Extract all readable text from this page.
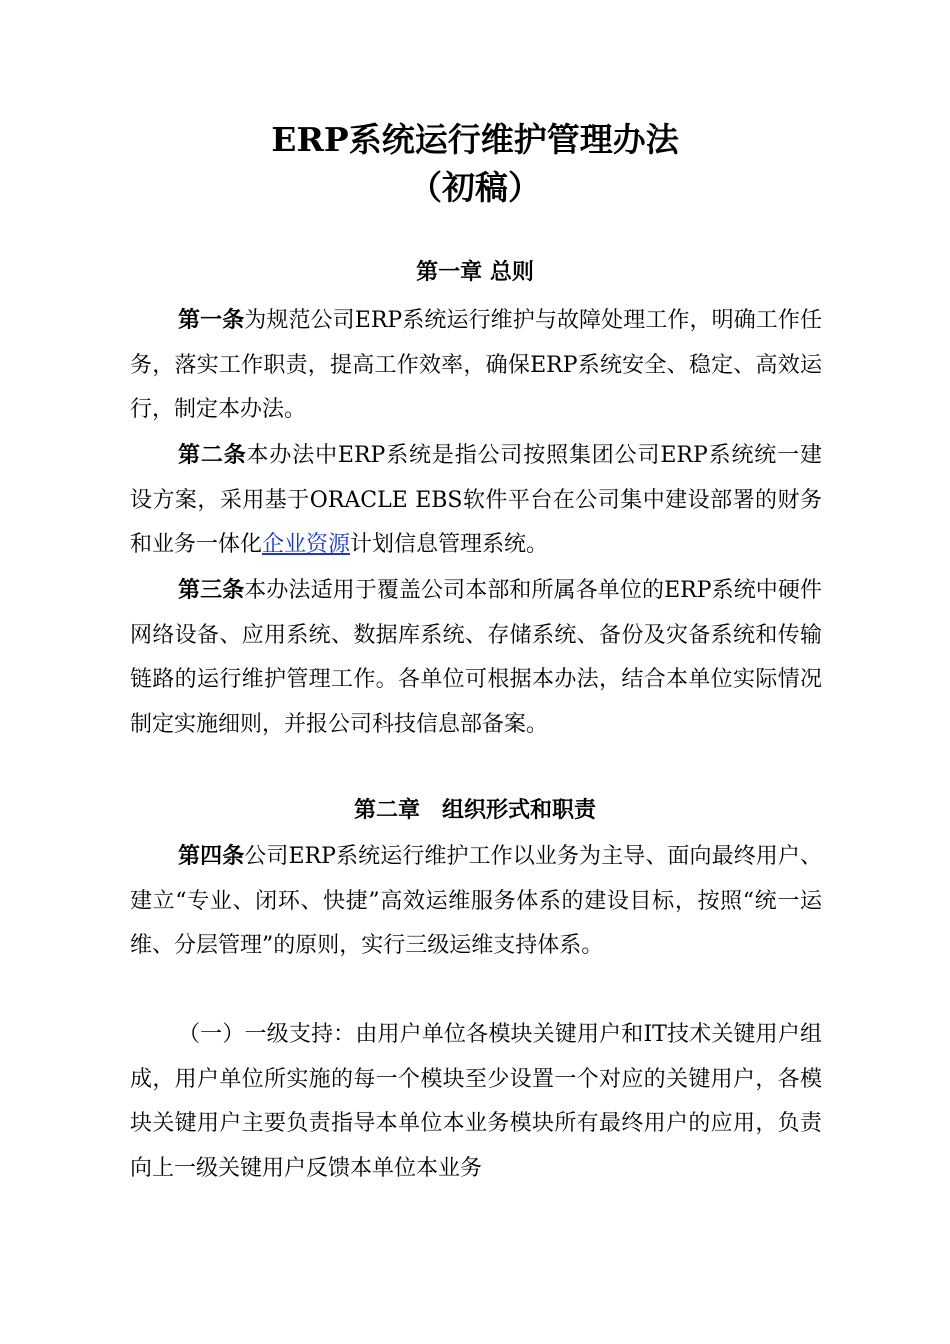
ERP系统运行维护管理办法
（初稿）
第一章 总则

第一条为规范公司ERP系统运行维护与故障处理工作，明确工作任务，落实工作职责，提高工作效率，确保ERP系统安全、稳定、高效运行，制定本办法。

第二条本办法中ERP系统是指公司按照集团公司ERP系统统一建设方案，采用基于ORACLE EBS软件平台在公司集中建设部署的财务和业务一体化企业资源计划信息管理系统。

第三条本办法适用于覆盖公司本部和所属各单位的ERP系统中硬件网络设备、应用系统、数据库系统、存储系统、备份及灾备系统和传输链路的运行维护管理工作。各单位可根据本办法，结合本单位实际情况制定实施细则，并报公司科技信息部备案。

第二章　组织形式和职责

第四条公司ERP系统运行维护工作以业务为主导、面向最终用户、建立“专业、闭环、快捷”高效运维服务体系的建设目标，按照“统一运维、分层管理”的原则，实行三级运维支持体系。

（一）一级支持：由用户单位各模块关键用户和IT技术关键用户组成，用户单位所实施的每一个模块至少设置一个对应的关键用户，各模块关键用户主要负责指导本单位本业务模块所有最终用户的应用，负责向上一级关键用户反馈本单位本业务
